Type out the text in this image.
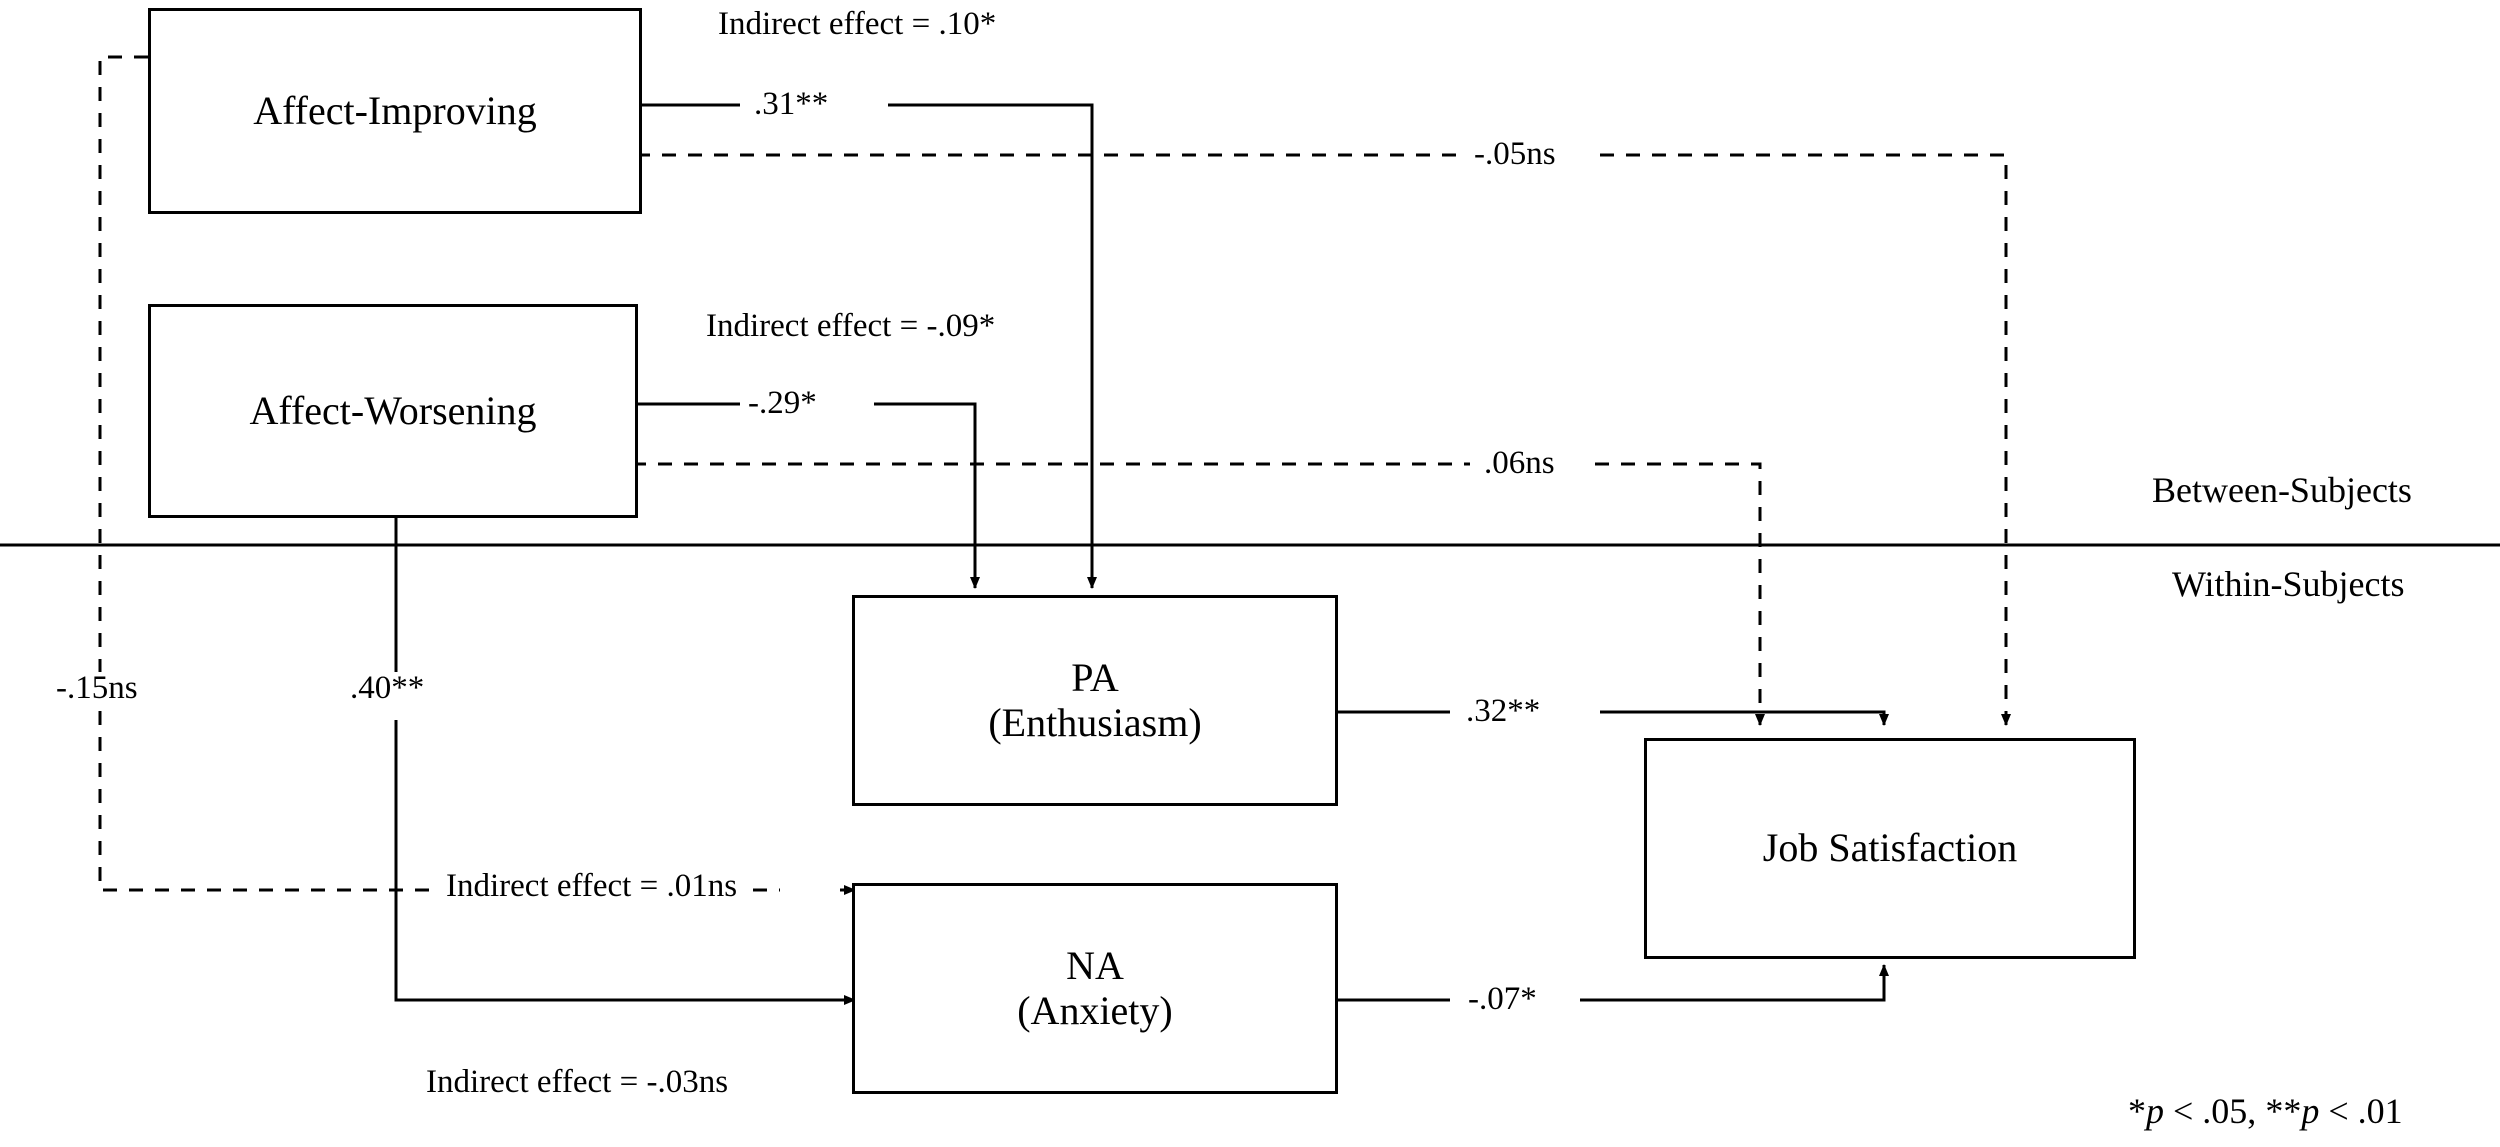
Affect-Improving
Affect-Worsening
PA
(Enthusiasm)
NA
(Anxiety)
Job Satisfaction
Indirect effect = .10*
.31**
-.05ns
Indirect effect = -.09*
-.29*
.06ns
-.15ns	.40**
Indirect effect = .01ns
Indirect effect = -.03ns
.32**
-.07*
Between-Subjects
Within-Subjects
*p < .05, **p < .01
